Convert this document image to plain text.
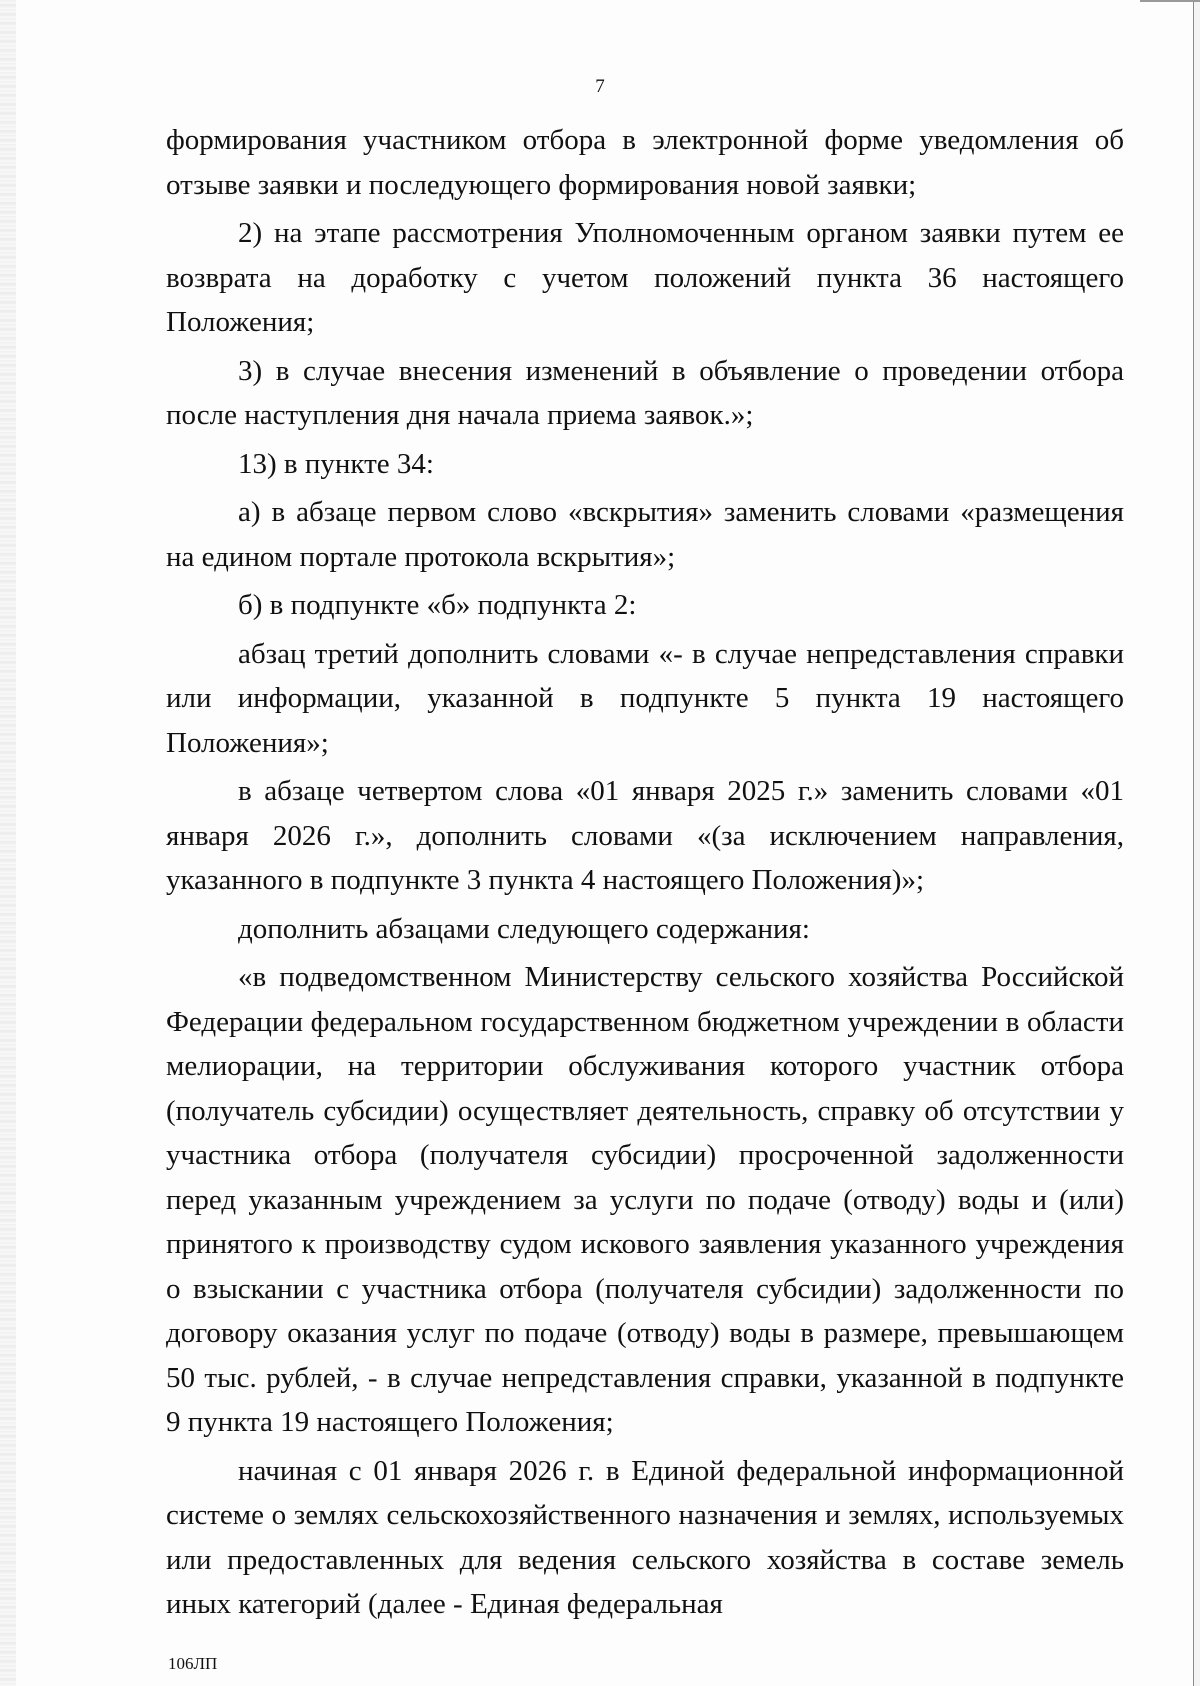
7

формирования участником отбора в электронной форме уведомления об отзыве заявки и последующего формирования новой заявки;

2) на этапе рассмотрения Уполномоченным органом заявки путем ее возврата на доработку с учетом положений пункта 36 настоящего Положения;

3) в случае внесения изменений в объявление о проведении отбора после наступления дня начала приема заявок.»;

13) в пункте 34:

а) в абзаце первом слово «вскрытия» заменить словами «размещения на едином портале протокола вскрытия»;

б) в подпункте «б» подпункта 2:

абзац третий дополнить словами «- в случае непредставления справки или информации, указанной в подпункте 5 пункта 19 настоящего Положения»;

в абзаце четвертом слова «01 января 2025 г.» заменить словами «01 января 2026 г.», дополнить словами «(за исключением направления, указанного в подпункте 3 пункта 4 настоящего Положения)»;

дополнить абзацами следующего содержания:

«в подведомственном Министерству сельского хозяйства Российской Федерации федеральном государственном бюджетном учреждении в области мелиорации, на территории обслуживания которого участник отбора (получатель субсидии) осуществляет деятельность, справку об отсутствии у участника отбора (получателя субсидии) просроченной задолженности перед указанным учреждением за услуги по подаче (отводу) воды и (или) принятого к производству судом искового заявления указанного учреждения о взыскании с участника отбора (получателя субсидии) задолженности по договору оказания услуг по подаче (отводу) воды в размере, превышающем 50 тыс. рублей, - в случае непредставления справки, указанной в подпункте 9 пункта 19 настоящего Положения;

начиная с 01 января 2026 г. в Единой федеральной информационной системе о землях сельскохозяйственного назначения и землях, используемых или предоставленных для ведения сельского хозяйства в составе земель иных категорий (далее - Единая федеральная

106ЛП
